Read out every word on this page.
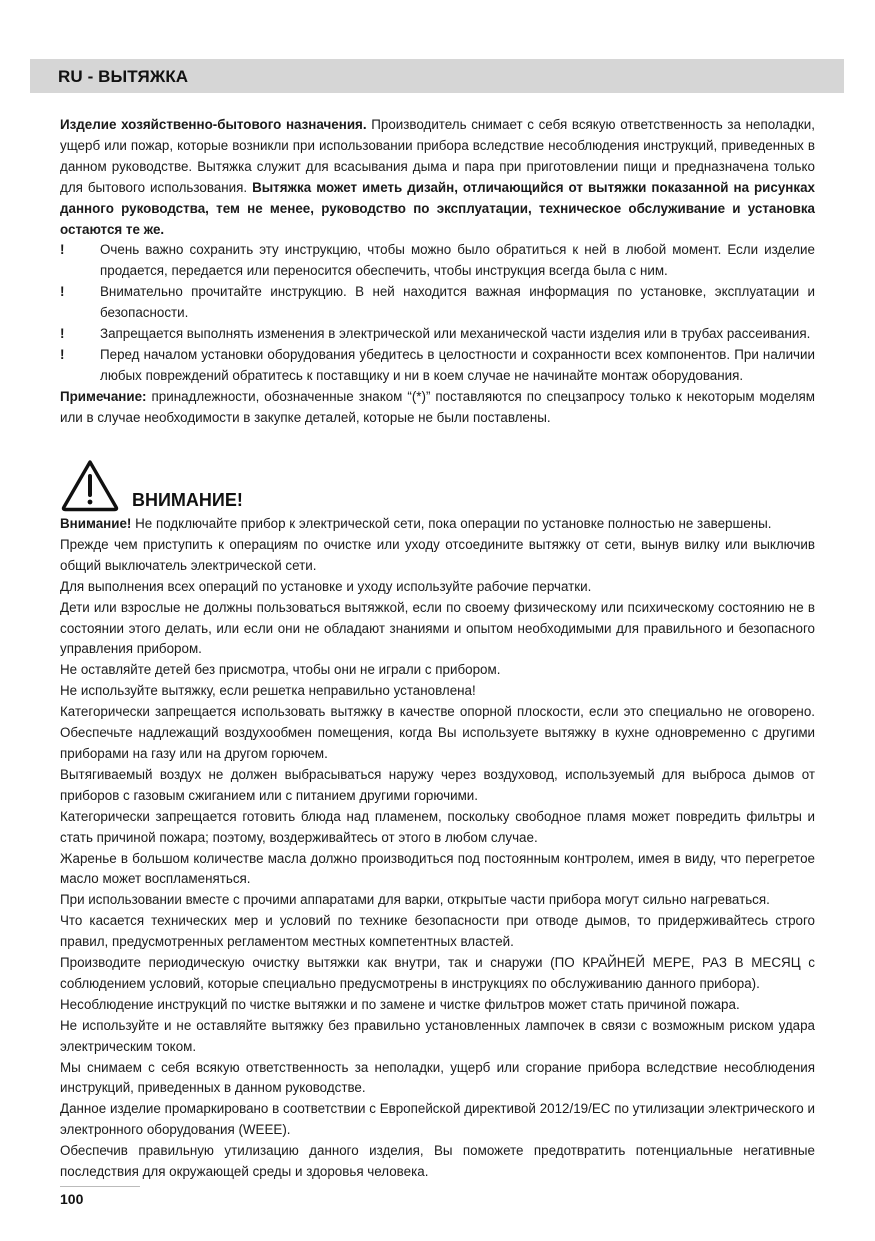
RU - ВЫТЯЖКА

Изделие хозяйственно-бытового назначения. Производитель снимает с себя всякую ответственность за неполадки, ущерб или пожар, которые возникли при использовании прибора вследствие несоблюдения инструкций, приведенных в данном руководстве. Вытяжка служит для всасывания дыма и пара при приготовлении пищи и предназначена только для бытового использования. Вытяжка может иметь дизайн, отличающийся от вытяжки показанной на рисунках данного руководства, тем не менее, руководство по эксплуатации, техническое обслуживание и установка остаются те же.

!	Очень важно сохранить эту инструкцию, чтобы можно было обратиться к ней в любой момент. Если изделие продается, передается или переносится обеспечить, чтобы инструкция всегда была с ним.

!	Внимательно прочитайте инструкцию. В ней находится важная информация по установке, эксплуатации и безопасности.

!	Запрещается выполнять изменения в электрической или механической части изделия или в трубах рассеивания.

!	Перед началом установки оборудования убедитесь в целостности и сохранности всех компонентов. При наличии любых повреждений обратитесь к поставщику и ни в коем случае не начинайте монтаж оборудования.

Примечание: принадлежности, обозначенные знаком “(*)” поставляются по спецзапросу только к некоторым моделям или в случае необходимости в закупке деталей, которые не были поставлены.

ВНИМАНИЕ!

Внимание! Не подключайте прибор к электрической сети, пока операции по установке полностью не завершены.

Прежде чем приступить к операциям по очистке или уходу отсоедините вытяжку от сети, вынув вилку или выключив общий выключатель электрической сети.

Для выполнения всех операций по установке и уходу используйте рабочие перчатки.

Дети или взрослые не должны пользоваться вытяжкой, если по своему физическому или психическому состоянию не в состоянии этого делать, или если они не обладают знаниями и опытом необходимыми для правильного и безопасного управления прибором.

Не оставляйте детей без присмотра, чтобы они не играли с прибором.

Не используйте вытяжку, если решетка неправильно установлена!

Категорически запрещается использовать вытяжку в качестве опорной плоскости, если это специально не оговорено. Обеспечьте надлежащий воздухообмен помещения, когда Вы используете вытяжку в кухне одновременно с другими приборами на газу или на другом горючем.

Вытягиваемый воздух не должен выбрасываться наружу через воздуховод, используемый для выброса дымов от приборов с газовым сжиганием или с питанием другими горючими.

Категорически запрещается готовить блюда над пламенем, поскольку свободное пламя может повредить фильтры и стать причиной пожара; поэтому, воздерживайтесь от этого в любом случае.

Жаренье в большом количестве масла должно производиться под постоянным контролем, имея в виду, что перегретое масло может воспламеняться.

При использовании вместе с прочими аппаратами для варки, открытые части прибора могут сильно нагреваться.

Что касается технических мер и условий по технике безопасности при отводе дымов, то придерживайтесь строго правил, предусмотренных регламентом местных компетентных властей.

Производите периодическую очистку вытяжки как внутри, так и снаружи (ПО КРАЙНЕЙ МЕРЕ, РАЗ В МЕСЯЦ с соблюдением условий, которые специально предусмотрены в инструкциях по обслуживанию данного прибора).

Несоблюдение инструкций по чистке вытяжки и по замене и чистке фильтров может стать причиной пожара.

Не используйте и не оставляйте вытяжку без правильно установленных лампочек в связи с возможным риском удара электрическим током.

Мы снимаем с себя всякую ответственность за неполадки, ущерб или сгорание прибора вследствие несоблюдения инструкций, приведенных в данном руководстве.

Данное изделие промаркировано в соответствии с Европейской директивой 2012/19/EC по утилизации электрического и электронного оборудования (WEEE).

Обеспечив правильную утилизацию данного изделия, Вы поможете предотвратить потенциальные негативные последствия для окружающей среды и здоровья человека.

100
